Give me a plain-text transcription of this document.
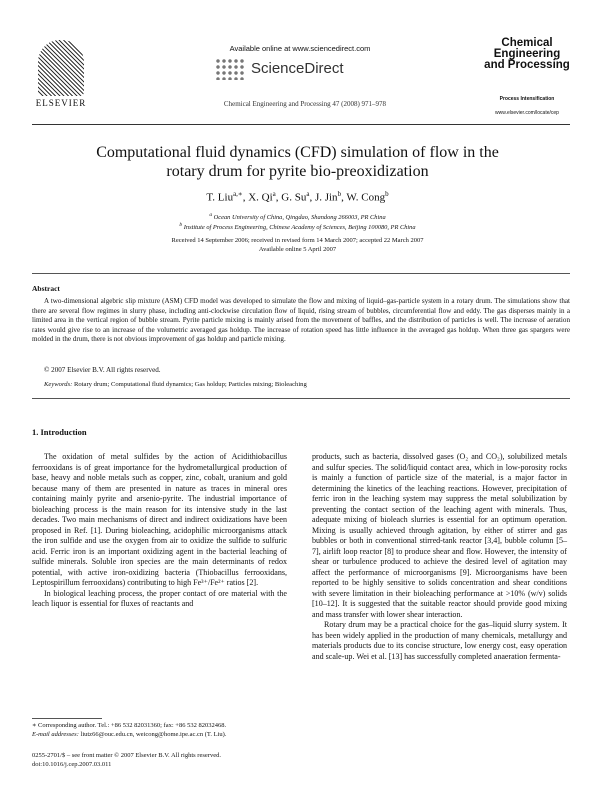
ELSEVIER
Available online at www.sciencedirect.com
ScienceDirect
Chemical Engineering and Processing 47 (2008) 971–978
Chemical Engineering and Processing
Process Intensification
www.elsevier.com/locate/cep
Computational fluid dynamics (CFD) simulation of flow in the
rotary drum for pyrite bio-preoxidization
T. Liu$^{a,∗}$, X. Qi$^a$, G. Su$^a$, J. Jin$^b$, W. Cong$^b$
$^a$ Ocean University of China, Qingdao, Shandong 266003, PR China
$^b$ Institute of Process Engineering, Chinese Academy of Sciences, Beijing 100080, PR China
Received 14 September 2006; received in revised form 14 March 2007; accepted 22 March 2007
Available online 5 April 2007
Abstract
A two-dimensional algebric slip mixture (ASM) CFD model was developed to simulate the flow and mixing of liquid–gas-particle system in a rotary drum. The simulations show that there are several flow regimes in slurry phase, including anti-clockwise circulation flow of liquid, rising stream of bubbles, circumferential flow and eddy. The gas disperses mainly in a limited area in the vertical region of bubble stream. Pyrite particle mixing is mainly arised from the movement of baffles, and the distribution of particles is well. The increase of aeration rates would give rise to an increase of the volumetric averaged gas holdup. The increase of rotation speed has little influence in the averaged gas holdup. When three gas spargers were molded in the drum, there is not obvious improvement of gas holdup and particle mixing.
© 2007 Elsevier B.V. All rights reserved.
Keywords: Rotary drum; Computational fluid dynamics; Gas holdup; Particles mixing; Bioleaching
1. Introduction

The oxidation of metal sulfides by the action of Acidithiobacillus ferrooxidans is of great importance for the hydrometallurgical production of base, heavy and noble metals such as copper, zinc, cobalt, uranium and gold because many of them are presented in nature as traces in mineral ores containing mainly pyrite and arsenio-pyrite. The industrial importance of bioleaching process is the main reason for its intensive study in the last decades. Two main mechanisms of direct and indirect oxidizations have been proposed in Ref. [1]. During bioleaching, acidophilic microorganisms attack the iron sulfide and use the oxygen from air to oxidize the sulfide to sulfuric acid. Ferric iron is an important oxidizing agent in the bacterial leaching of sulfide minerals. Soluble iron species are the main determinants of redox potential, with active iron-oxidizing bacteria (Thiobacillus ferrooxidans, Leptospirillum ferrooxidans) contributing to high Fe³⁺/Fe²⁺ ratios [2].

In biological leaching process, the proper contact of ore material with the leach liquor is essential for fluxes of reactants and

∗ Corresponding author. Tel.: +86 532 82031360; fax: +86 532 82032468.
E-mail addresses: liutz66@ouc.edu.cn, weicong@home.ipe.ac.cn (T. Liu).

products, such as bacteria, dissolved gases (O₂ and CO₂), solubilized metals and sulfur species. The solid/liquid contact area, which in low-porosity rocks is mainly a function of particle size of the material, is a major factor in determining the kinetics of the leaching reactions. However, precipitation of ferric iron in the leaching system may suppress the metal solubilization by preventing the contact section of the leaching agent with minerals. Thus, adequate mixing of bioleach slurries is essential for an optimum operation. Mixing is usually achieved through agitation, by either of stirrer and gas bubbles or both in conventional stirred-tank reactor [3,4], bubble column [5–7], airlift loop reactor [8] to produce shear and flow. However, the intensity of shear or turbulence produced to achieve the desired level of agitation may affect the performance of microorganisms [9]. Microorganisms have been reported to be highly sensitive to solids concentration and shear conditions with severe limitation in their bioleaching performance at >10% (w/v) solids [10–12]. It is suggested that the suitable reactor should provide good mixing and mass transfer with lower shear interaction.

Rotary drum may be a practical choice for the gas–liquid slurry system. It has been widely applied in the production of many chemicals, metallurgy and materials products due to its concise structure, low energy cost, easy operation and scale-up. Wei et al. [13] has successfully completed anaeration fermenta-

0255-2701/$ – see front matter © 2007 Elsevier B.V. All rights reserved.
doi:10.1016/j.cep.2007.03.011
